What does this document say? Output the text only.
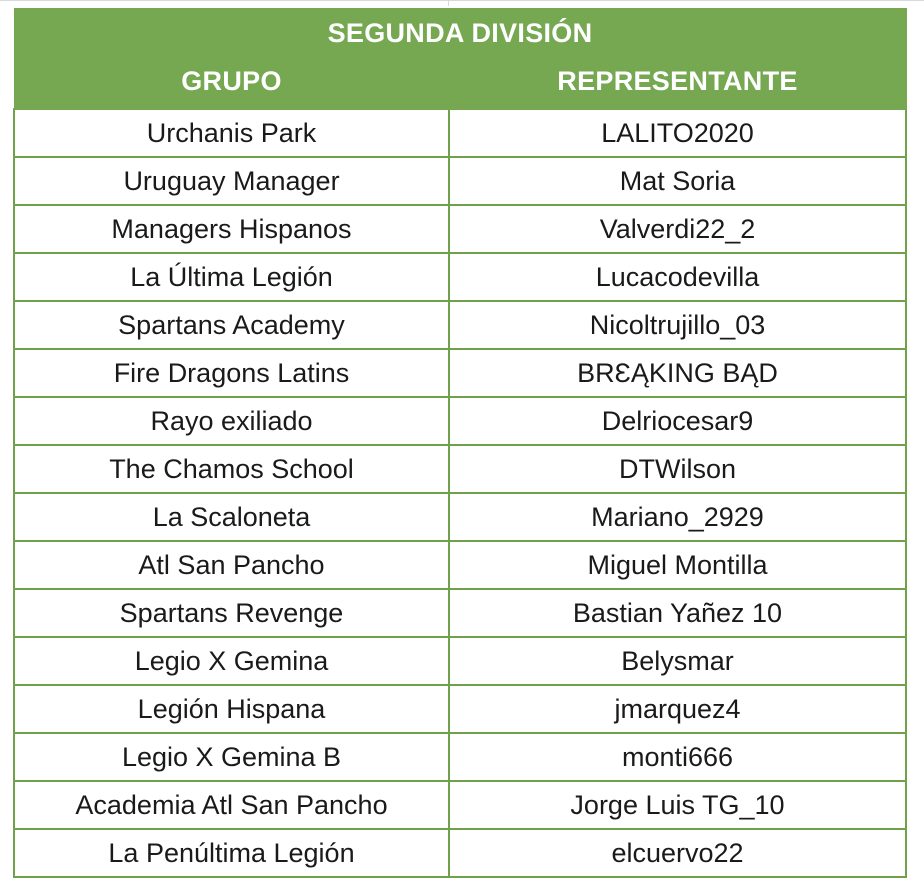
SEGUNDA DIVISIÓN	
GRUPO	REPRESENTANTE
Urchanis Park	LALITO2020
Uruguay Manager	Mat Soria
Managers Hispanos	Valverdi22_2
La Última Legión	Lucacodevilla
Spartans Academy	Nicoltrujillo_03
Fire Dragons Latins	BRƐĄKING BĄD
Rayo exiliado	Delriocesar9
The Chamos School	DTWilson
La Scaloneta	Mariano_2929
Atl San Pancho	Miguel Montilla
Spartans Revenge	Bastian Yañez 10
Legio X Gemina	Belysmar
Legión Hispana	jmarquez4
Legio X Gemina B	monti666
Academia Atl San Pancho	Jorge Luis TG_10
La Penúltima Legión	elcuervo22
